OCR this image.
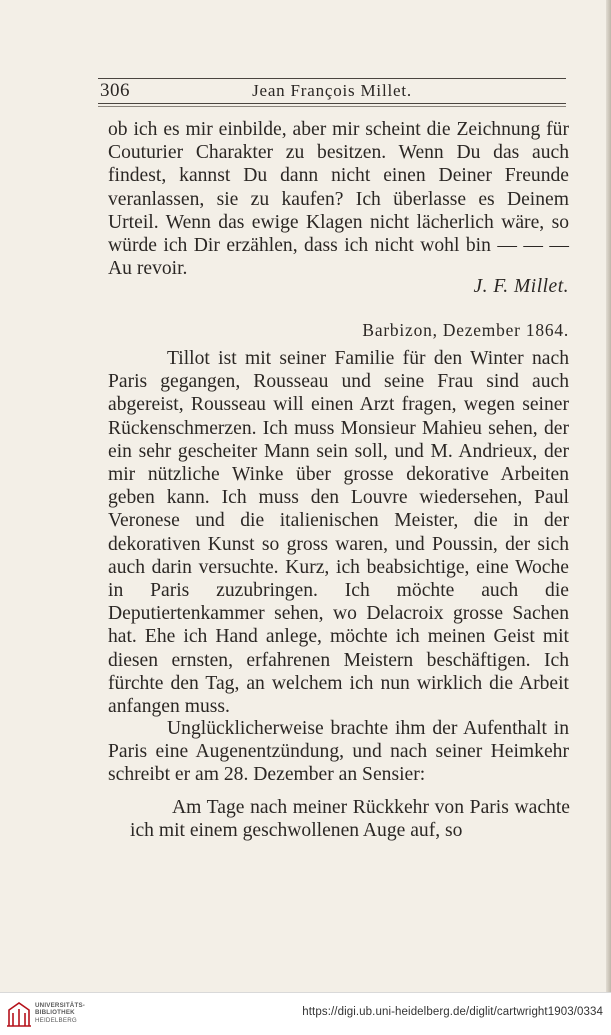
306	Jean François Millet.

ob ich es mir einbilde, aber mir scheint die Zeichnung für Couturier Charakter zu besitzen. Wenn Du das auch findest, kannst Du dann nicht einen Deiner Freunde veranlassen, sie zu kaufen? Ich überlasse es Deinem Urteil. Wenn das ewige Klagen nicht lächerlich wäre, so würde ich Dir erzählen, dass ich nicht wohl bin — — — Au revoir.

J. F. Millet.
Barbizon, Dezember 1864.

Tillot ist mit seiner Familie für den Winter nach Paris gegangen, Rousseau und seine Frau sind auch abgereist, Rousseau will einen Arzt fragen, wegen seiner Rückenschmerzen. Ich muss Monsieur Mahieu sehen, der ein sehr gescheiter Mann sein soll, und M. Andrieux, der mir nützliche Winke über grosse dekorative Arbeiten geben kann. Ich muss den Louvre wiedersehen, Paul Veronese und die italienischen Meister, die in der dekorativen Kunst so gross waren, und Poussin, der sich auch darin versuchte. Kurz, ich beabsichtige, eine Woche in Paris zuzubringen. Ich möchte auch die Deputiertenkammer sehen, wo Delacroix grosse Sachen hat. Ehe ich Hand anlege, möchte ich meinen Geist mit diesen ernsten, erfahrenen Meistern beschäftigen. Ich fürchte den Tag, an welchem ich nun wirklich die Arbeit anfangen muss.

Unglücklicherweise brachte ihm der Aufenthalt in Paris eine Augenentzündung, und nach seiner Heimkehr schreibt er am 28. Dezember an Sensier:

Am Tage nach meiner Rückkehr von Paris wachte ich mit einem geschwollenen Auge auf, so

UNIVERSITÄTS-
BIBLIOTHEK
HEIDELBERG
https://digi.ub.uni-heidelberg.de/diglit/cartwright1903/0334
